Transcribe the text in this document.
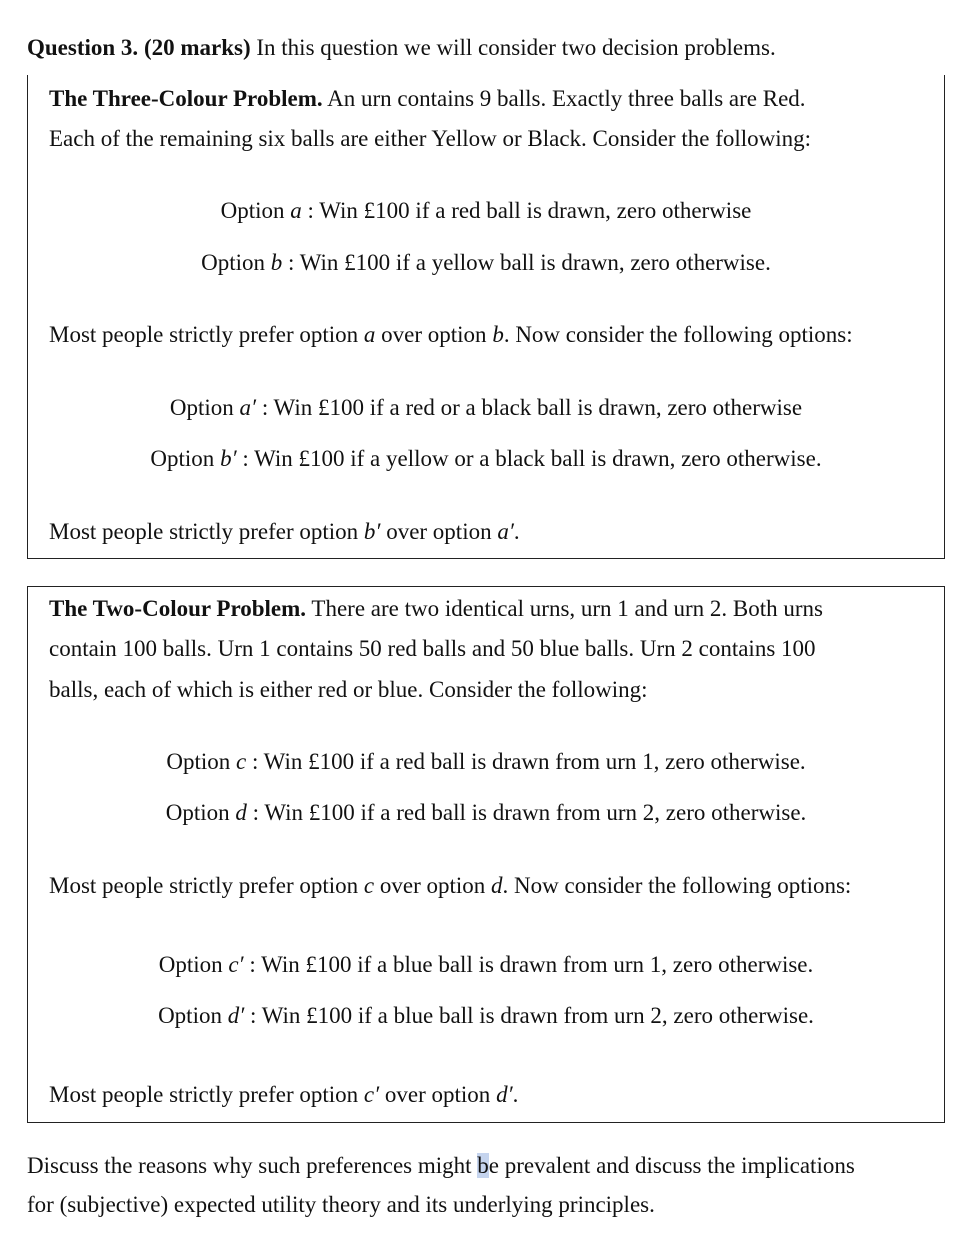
Question 3. (20 marks) In this question we will consider two decision problems.
The Three-Colour Problem. An urn contains 9 balls. Exactly three balls are Red.
Each of the remaining six balls are either Yellow or Black. Consider the following:
Option a : Win £100 if a red ball is drawn, zero otherwise
Option b : Win £100 if a yellow ball is drawn, zero otherwise.
Most people strictly prefer option a over option b. Now consider the following options:
Option a′ : Win £100 if a red or a black ball is drawn, zero otherwise
Option b′ : Win £100 if a yellow or a black ball is drawn, zero otherwise.
Most people strictly prefer option b′ over option a′.
The Two-Colour Problem. There are two identical urns, urn 1 and urn 2. Both urns
contain 100 balls. Urn 1 contains 50 red balls and 50 blue balls. Urn 2 contains 100
balls, each of which is either red or blue. Consider the following:
Option c : Win £100 if a red ball is drawn from urn 1, zero otherwise.
Option d : Win £100 if a red ball is drawn from urn 2, zero otherwise.
Most people strictly prefer option c over option d. Now consider the following options:
Option c′ : Win £100 if a blue ball is drawn from urn 1, zero otherwise.
Option d′ : Win £100 if a blue ball is drawn from urn 2, zero otherwise.
Most people strictly prefer option c′ over option d′.
Discuss the reasons why such preferences might be prevalent and discuss the implications
for (subjective) expected utility theory and its underlying principles.
